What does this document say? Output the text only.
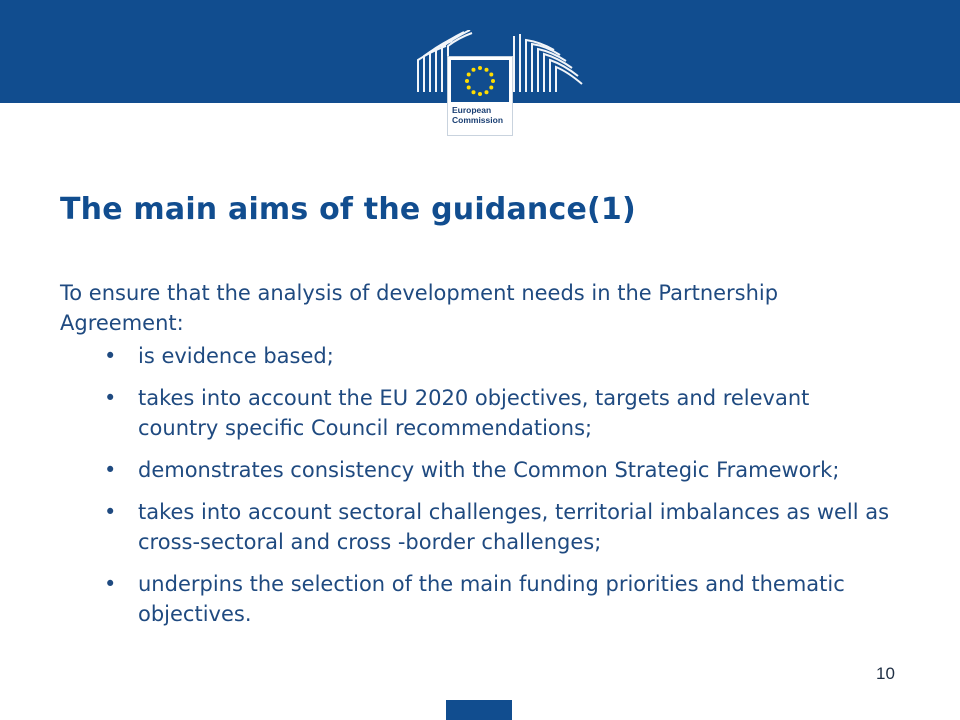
European
Commission
The main aims of the guidance(1)

To ensure that the analysis of development needs in the Partnership Agreement:

•	is evidence based;
•	takes into account the EU 2020 objectives, targets and relevant country specific Council recommendations;
•	demonstrates consistency with the Common Strategic Framework;
•	takes into account sectoral challenges, territorial imbalances as well as cross-sectoral and cross -border challenges;
•	underpins the selection of the main funding priorities and thematic objectives.
10
